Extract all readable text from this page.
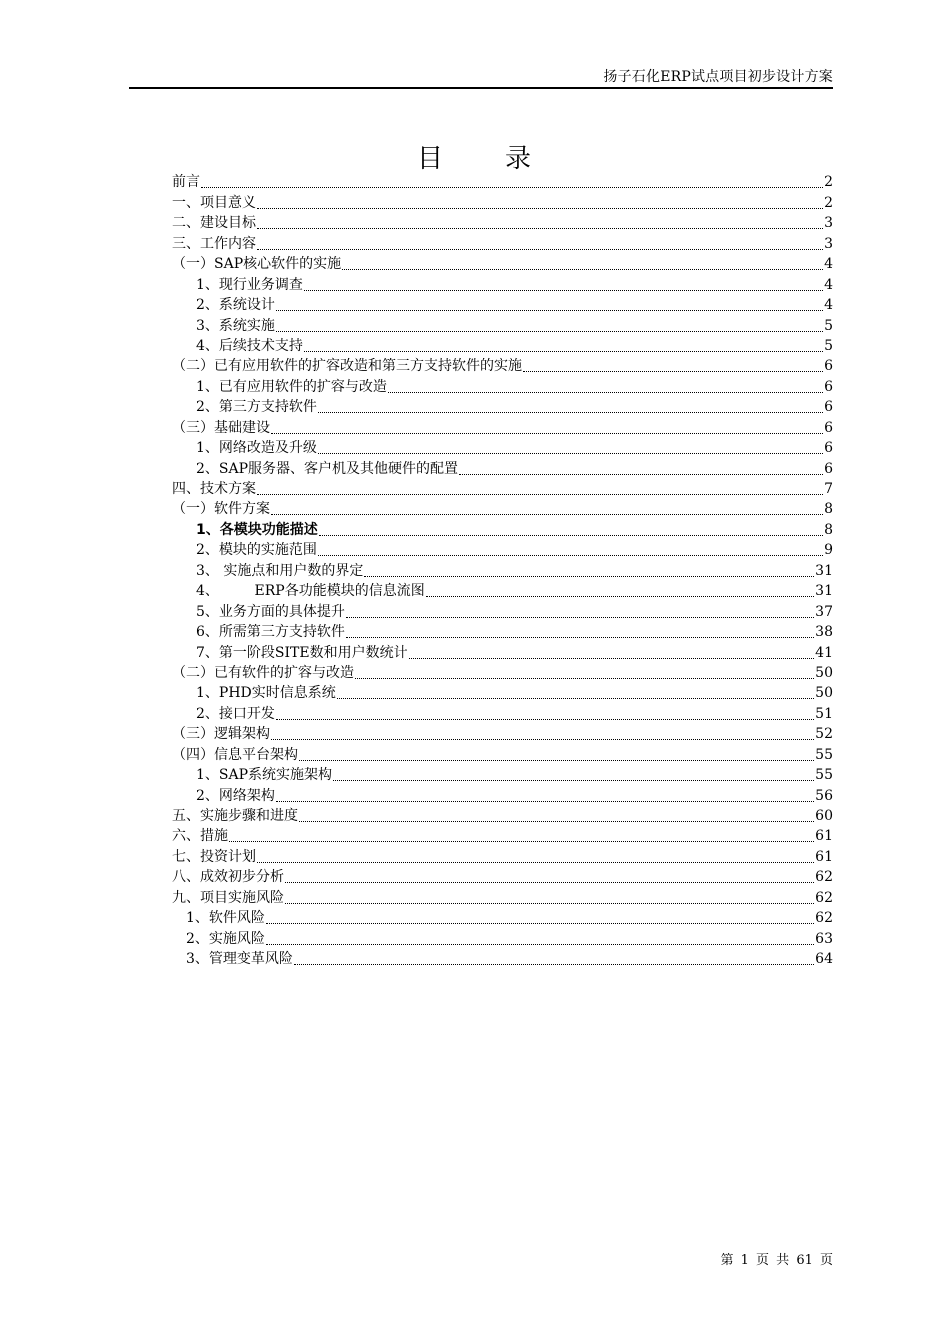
扬子石化ERP试点项目初步设计方案
目 录
前言	2
一、项目意义	2
二、建设目标	3
三、工作内容	3
（一）SAP核心软件的实施	4
1、现行业务调查	4
2、系统设计	4
3、系统实施	5
4、后续技术支持	5
（二）已有应用软件的扩容改造和第三方支持软件的实施	6
1、已有应用软件的扩容与改造	6
2、第三方支持软件	6
（三）基础建设	6
1、网络改造及升级	6
2、SAP服务器、客户机及其他硬件的配置	6
四、技术方案	7
（一）软件方案	8
1、各模块功能描述	8
2、模块的实施范围	9
3、 实施点和用户数的界定	31
4、        ERP各功能模块的信息流图	31
5、业务方面的具体提升	37
6、所需第三方支持软件	38
7、第一阶段SITE数和用户数统计	41
（二）已有软件的扩容与改造	50
1、PHD实时信息系统	50
2、接口开发	51
（三）逻辑架构	52
（四）信息平台架构	55
1、SAP系统实施架构	55
2、网络架构	56
五、实施步骤和进度	60
六、措施	61
七、投资计划	61
八、成效初步分析	62
九、项目实施风险	62
1、软件风险	62
2、实施风险	63
3、管理变革风险	64
第 1 页 共 61 页
